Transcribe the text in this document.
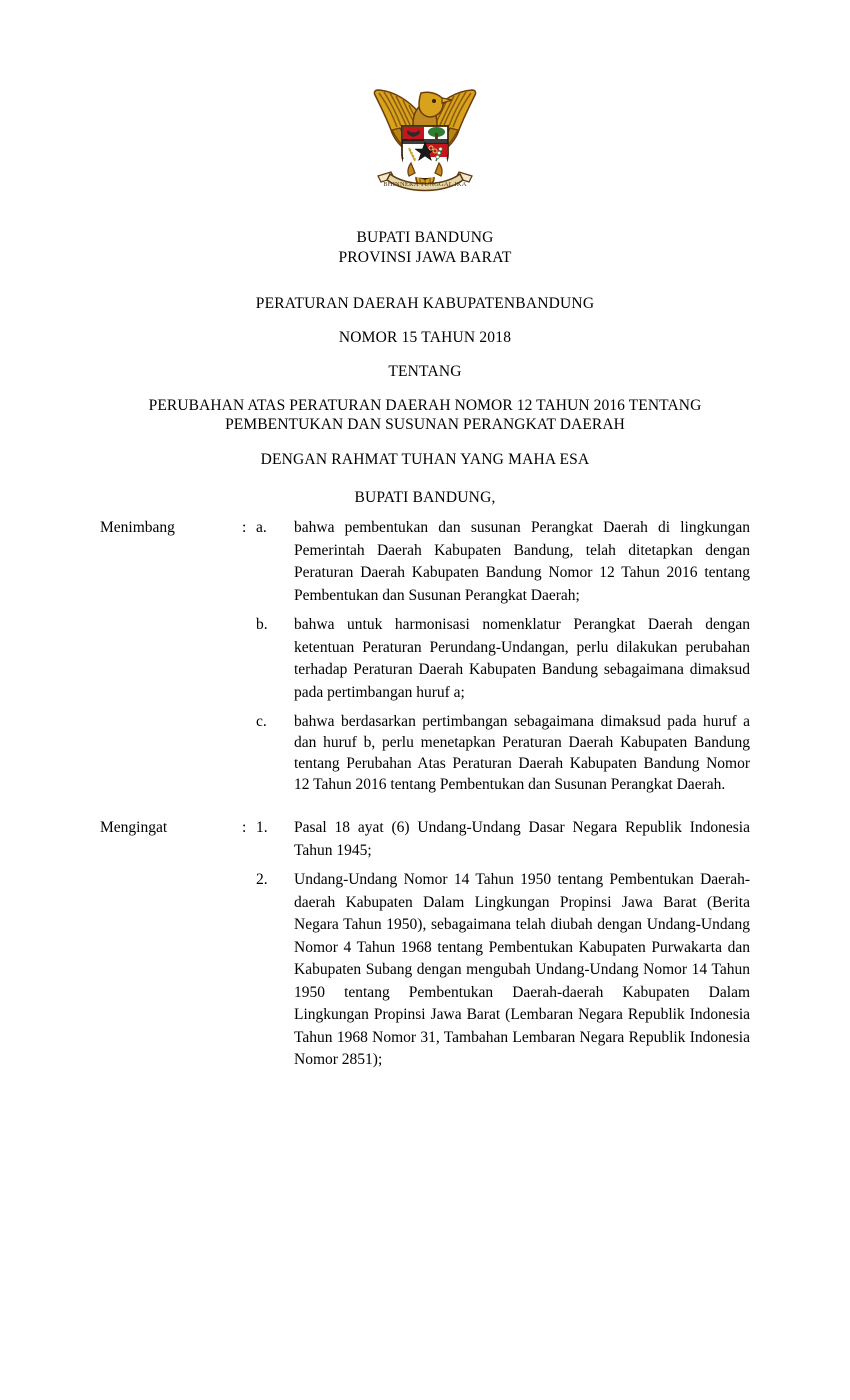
BHINNEKA TUNGGAL IKA
BUPATI BANDUNG
PROVINSI JAWA BARAT
PERATURAN DAERAH KABUPATENBANDUNG
NOMOR 15 TAHUN 2018
TENTANG
PERUBAHAN ATAS PERATURAN DAERAH NOMOR 12 TAHUN 2016 TENTANG
PEMBENTUKAN DAN SUSUNAN PERANGKAT DAERAH
DENGAN RAHMAT TUHAN YANG MAHA ESA
BUPATI BANDUNG,
Menimbang	: a.	bahwa pembentukan dan susunan Perangkat Daerah di lingkungan Pemerintah Daerah Kabupaten Bandung, telah ditetapkan dengan Peraturan Daerah Kabupaten Bandung Nomor 12 Tahun 2016 tentang Pembentukan dan Susunan Perangkat Daerah;
b.	bahwa untuk harmonisasi nomenklatur Perangkat Daerah dengan ketentuan Peraturan Perundang-Undangan, perlu dilakukan perubahan terhadap Peraturan Daerah Kabupaten Bandung sebagaimana dimaksud pada pertimbangan huruf a;
c.	bahwa berdasarkan pertimbangan sebagaimana dimaksud pada huruf a dan huruf b, perlu menetapkan Peraturan Daerah Kabupaten Bandung tentang Perubahan Atas Peraturan Daerah Kabupaten Bandung Nomor 12 Tahun 2016 tentang Pembentukan dan Susunan Perangkat Daerah.
Mengingat	: 1.	Pasal 18 ayat (6) Undang-Undang Dasar Negara Republik Indonesia Tahun 1945;
2.	Undang-Undang Nomor 14 Tahun 1950 tentang Pembentukan Daerah-daerah Kabupaten Dalam Lingkungan Propinsi Jawa Barat (Berita Negara Tahun 1950), sebagaimana telah diubah dengan Undang-Undang Nomor 4 Tahun 1968 tentang Pembentukan Kabupaten Purwakarta dan Kabupaten Subang dengan mengubah Undang-Undang Nomor 14 Tahun 1950 tentang Pembentukan Daerah-daerah Kabupaten Dalam Lingkungan Propinsi Jawa Barat (Lembaran Negara Republik Indonesia Tahun 1968 Nomor 31, Tambahan Lembaran Negara Republik Indonesia Nomor 2851);
